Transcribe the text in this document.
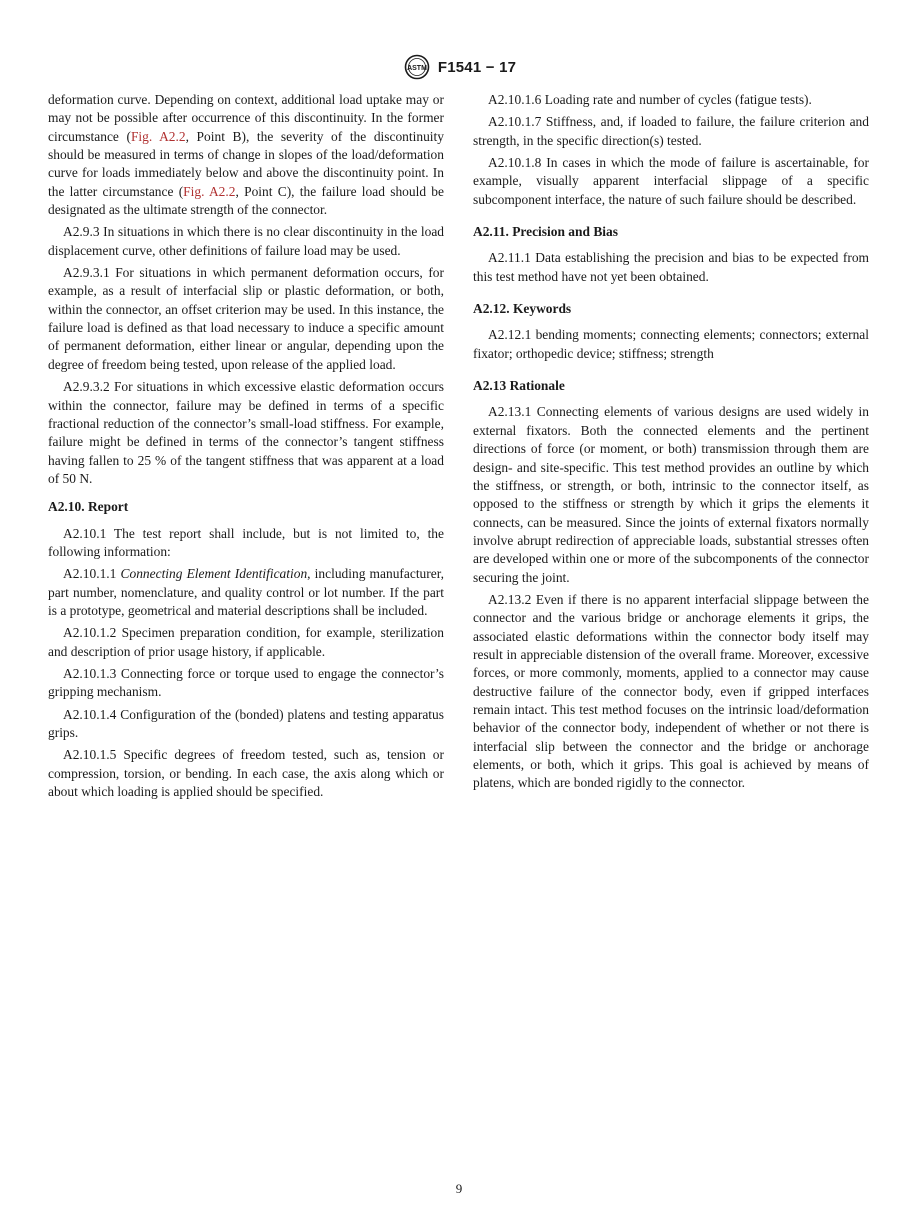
ASTM F1541 − 17

deformation curve. Depending on context, additional load uptake may or may not be possible after occurrence of this discontinuity. In the former circumstance (Fig. A2.2, Point B), the severity of the discontinuity should be measured in terms of change in slopes of the load/deformation curve for loads immediately below and above the discontinuity point. In the latter circumstance (Fig. A2.2, Point C), the failure load should be designated as the ultimate strength of the connector.

A2.9.3 In situations in which there is no clear discontinuity in the load displacement curve, other definitions of failure load may be used.

A2.9.3.1 For situations in which permanent deformation occurs, for example, as a result of interfacial slip or plastic deformation, or both, within the connector, an offset criterion may be used. In this instance, the failure load is defined as that load necessary to induce a specific amount of permanent deformation, either linear or angular, depending upon the degree of freedom being tested, upon release of the applied load.

A2.9.3.2 For situations in which excessive elastic deformation occurs within the connector, failure may be defined in terms of a specific fractional reduction of the connector’s small-load stiffness. For example, failure might be defined in terms of the connector’s tangent stiffness having fallen to 25 % of the tangent stiffness that was apparent at a load of 50 N.

A2.10. Report

A2.10.1 The test report shall include, but is not limited to, the following information:

A2.10.1.1 Connecting Element Identification, including manufacturer, part number, nomenclature, and quality control or lot number. If the part is a prototype, geometrical and material descriptions shall be included.

A2.10.1.2 Specimen preparation condition, for example, sterilization and description of prior usage history, if applicable.

A2.10.1.3 Connecting force or torque used to engage the connector’s gripping mechanism.

A2.10.1.4 Configuration of the (bonded) platens and testing apparatus grips.

A2.10.1.5 Specific degrees of freedom tested, such as, tension or compression, torsion, or bending. In each case, the axis along which or about which loading is applied should be specified.

A2.10.1.6 Loading rate and number of cycles (fatigue tests).

A2.10.1.7 Stiffness, and, if loaded to failure, the failure criterion and strength, in the specific direction(s) tested.

A2.10.1.8 In cases in which the mode of failure is ascertainable, for example, visually apparent interfacial slippage of a specific subcomponent interface, the nature of such failure should be described.

A2.11. Precision and Bias

A2.11.1 Data establishing the precision and bias to be expected from this test method have not yet been obtained.

A2.12. Keywords

A2.12.1 bending moments; connecting elements; connectors; external fixator; orthopedic device; stiffness; strength

A2.13 Rationale

A2.13.1 Connecting elements of various designs are used widely in external fixators. Both the connected elements and the pertinent directions of force (or moment, or both) transmission through them are design- and site-specific. This test method provides an outline by which the stiffness, or strength, or both, intrinsic to the connector itself, as opposed to the stiffness or strength by which it grips the elements it connects, can be measured. Since the joints of external fixators normally involve abrupt redirection of appreciable loads, substantial stresses often are developed within one or more of the subcomponents of the connector securing the joint.

A2.13.2 Even if there is no apparent interfacial slippage between the connector and the various bridge or anchorage elements it grips, the associated elastic deformations within the connector body itself may result in appreciable distension of the overall frame. Moreover, excessive forces, or more commonly, moments, applied to a connector may cause destructive failure of the connector body, even if gripped interfaces remain intact. This test method focuses on the intrinsic load/deformation behavior of the connector body, independent of whether or not there is interfacial slip between the connector and the bridge or anchorage elements, or both, which it grips. This goal is achieved by means of platens, which are bonded rigidly to the connector.

9
